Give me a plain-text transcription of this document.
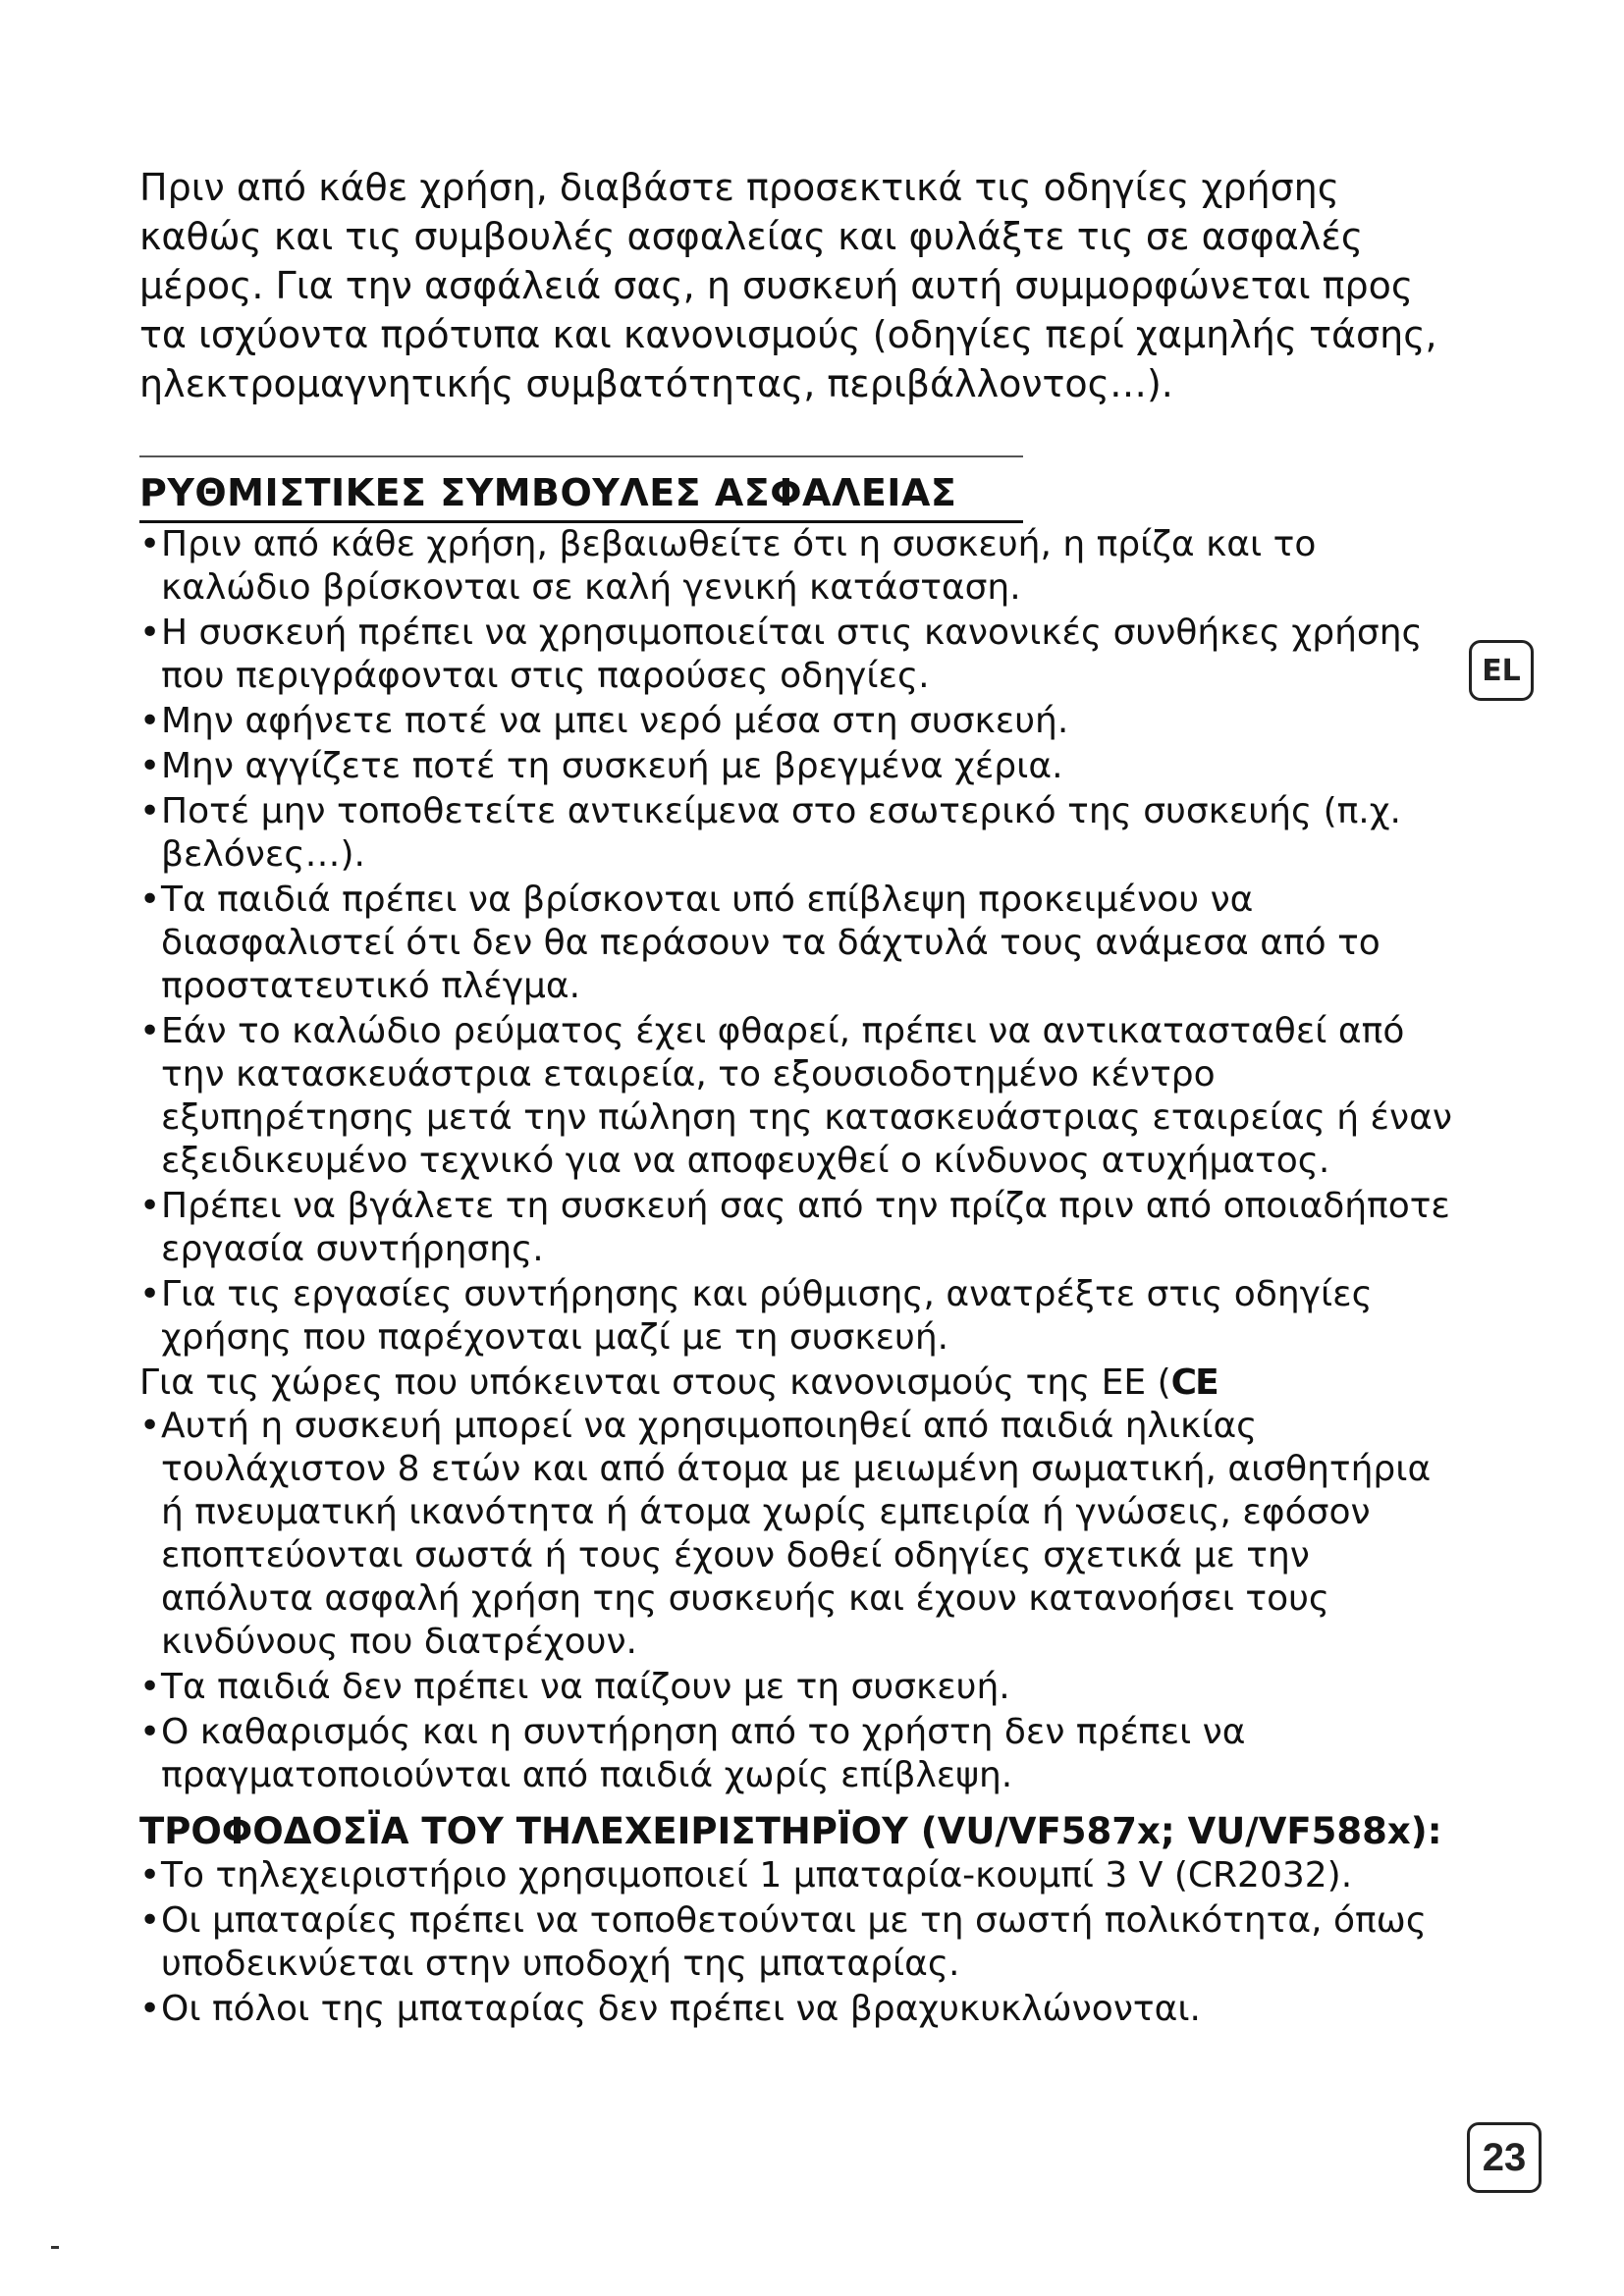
Πριν από κάθε χρήση, διαβάστε προσεκτικά τις οδηγίες χρήσης καθώς και τις συμβουλές ασφαλείας και φυλάξτε τις σε ασφαλές μέρος. Για την ασφάλειά σας, η συσκευή αυτή συμμορφώνεται προς τα ισχύοντα πρότυπα και κανονισμούς (οδηγίες περί χαμηλής τάσης, ηλεκτρομαγνητικής συμβατότητας, περιβάλλοντος…).

ΡΥΘΜΙΣΤΙΚΕΣ ΣΥΜΒΟΥΛΕΣ ΑΣΦΑΛΕΙΑΣ
• Πριν από κάθε χρήση, βεβαιωθείτε ότι η συσκευή, η πρίζα και το καλώδιο βρίσκονται σε καλή γενική κατάσταση.
• Η συσκευή πρέπει να χρησιμοποιείται στις κανονικές συνθήκες χρήσης που περιγράφονται στις παρούσες οδηγίες.
• Μην αφήνετε ποτέ να μπει νερό μέσα στη συσκευή.
• Μην αγγίζετε ποτέ τη συσκευή με βρεγμένα χέρια.
• Ποτέ μην τοποθετείτε αντικείμενα στο εσωτερικό της συσκευής (π.χ. βελόνες…).
• Τα παιδιά πρέπει να βρίσκονται υπό επίβλεψη προκειμένου να διασφαλιστεί ότι δεν θα περάσουν τα δάχτυλά τους ανάμεσα από το προστατευτικό πλέγμα.
• Εάν το καλώδιο ρεύματος έχει φθαρεί, πρέπει να αντικατασταθεί από την κατασκευάστρια εταιρεία, το εξουσιοδοτημένο κέντρο εξυπηρέτησης μετά την πώληση της κατασκευάστριας εταιρείας ή έναν εξειδικευμένο τεχνικό για να αποφευχθεί ο κίνδυνος ατυχήματος.
• Πρέπει να βγάλετε τη συσκευή σας από την πρίζα πριν από οποιαδήποτε εργασία συντήρησης.
• Για τις εργασίες συντήρησης και ρύθμισης, ανατρέξτε στις οδηγίες χρήσης που παρέχονται μαζί με τη συσκευή.

Για τις χώρες που υπόκεινται στους κανονισμούς της ΕΕ (CE

• Αυτή η συσκευή μπορεί να χρησιμοποιηθεί από παιδιά ηλικίας τουλάχιστον 8 ετών και από άτομα με μειωμένη σωματική, αισθητήρια ή πνευματική ικανότητα ή άτομα χωρίς εμπειρία ή γνώσεις, εφόσον εποπτεύονται σωστά ή τους έχουν δοθεί οδηγίες σχετικά με την απόλυτα ασφαλή χρήση της συσκευής και έχουν κατανοήσει τους κινδύνους που διατρέχουν.
• Τα παιδιά δεν πρέπει να παίζουν με τη συσκευή.
• Ο καθαρισμός και η συντήρηση από το χρήστη δεν πρέπει να πραγματοποιούνται από παιδιά χωρίς επίβλεψη.

ΤΡΟΦΟΔΟΣΪΑ ΤΟΥ ΤΗΛΕΧΕΙΡΙΣΤΗΡΪΟΥ (VU/VF587x; VU/VF588x):

• Το τηλεχειριστήριο χρησιμοποιεί 1 μπαταρία-κουμπί 3 V (CR2032).
• Οι μπαταρίες πρέπει να τοποθετούνται με τη σωστή πολικότητα, όπως υποδεικνύεται στην υποδοχή της μπαταρίας.
• Οι πόλοι της μπαταρίας δεν πρέπει να βραχυκυκλώνονται.
EL
23
